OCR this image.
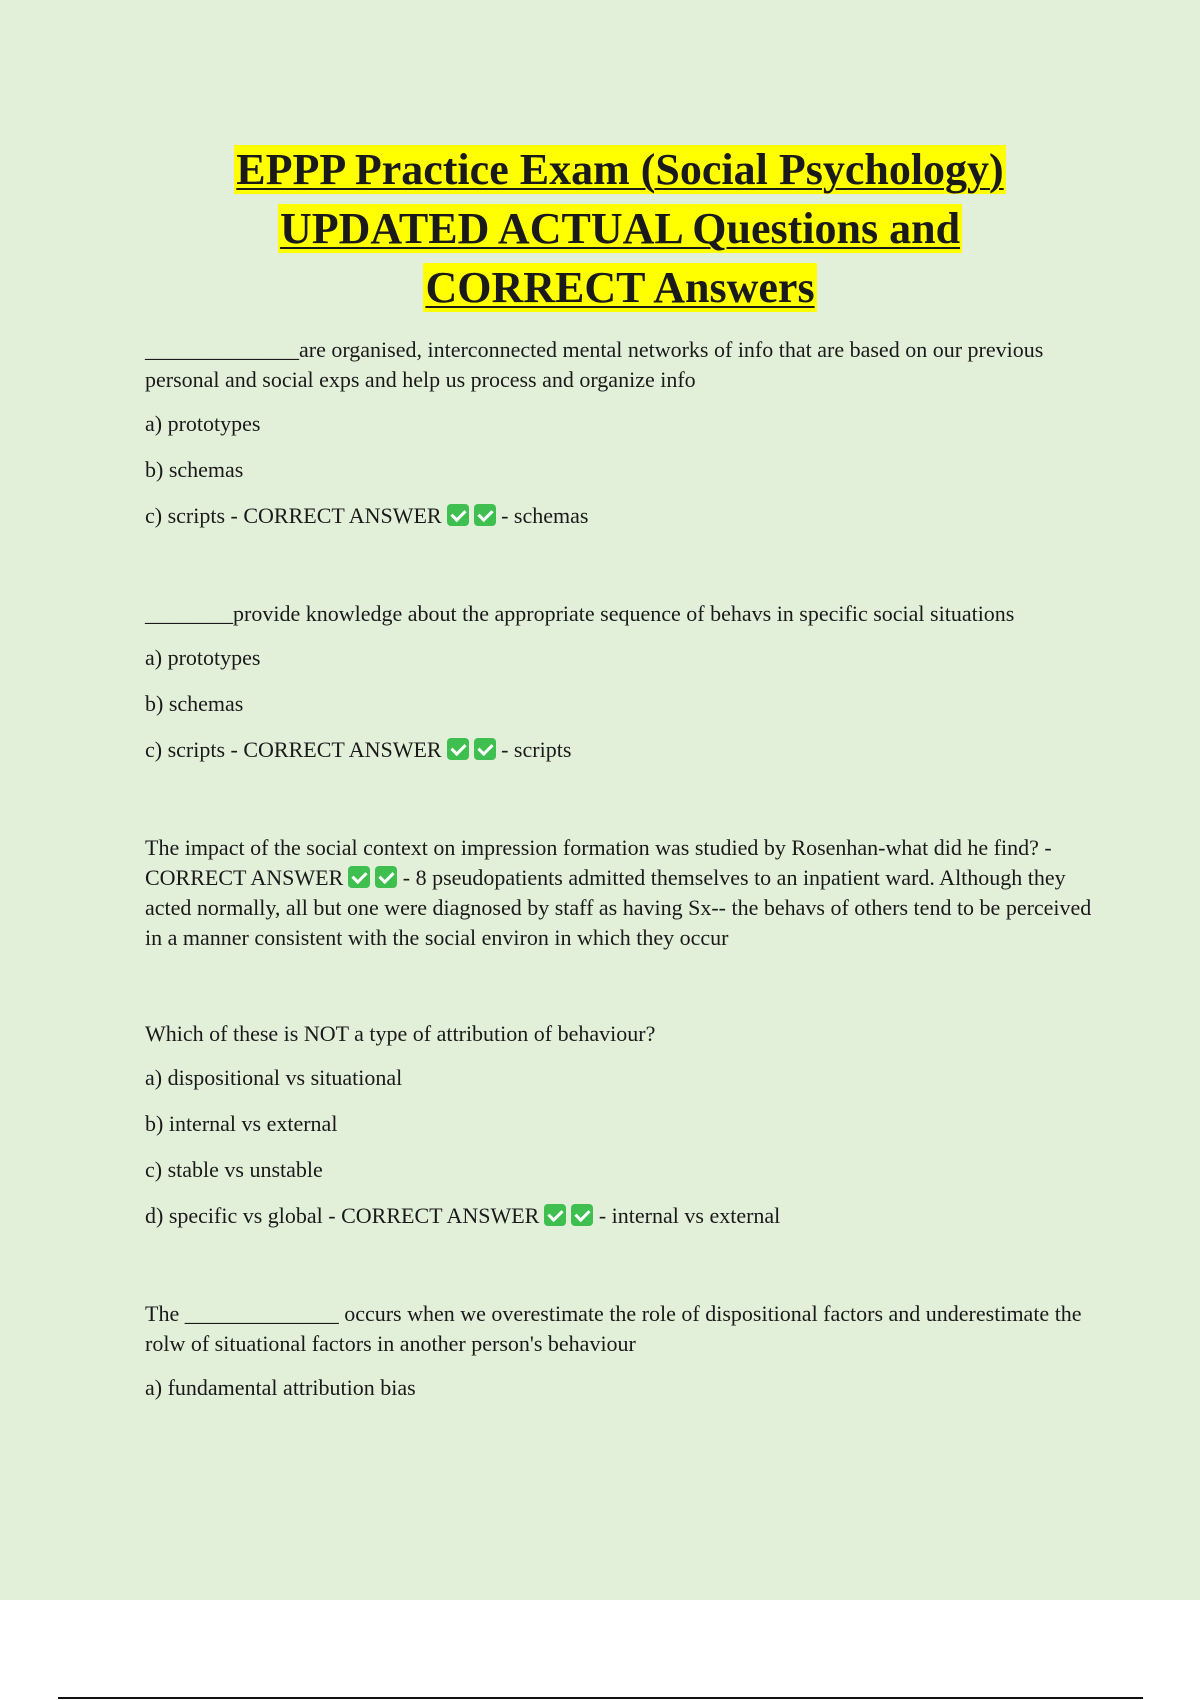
EPPP Practice Exam (Social Psychology)
UPDATED ACTUAL Questions and
CORRECT Answers

______________are organised, interconnected mental networks of info that are based on our previous personal and social exps and help us process and organize info

a) prototypes

b) schemas

c) scripts - CORRECT ANSWER	- schemas

________provide knowledge about the appropriate sequence of behavs in specific social situations

a) prototypes

b) schemas

c) scripts - CORRECT ANSWER	- scripts

The impact of the social context on impression formation was studied by Rosenhan-what did he find? - CORRECT ANSWER	- 8 pseudopatients admitted themselves to an inpatient ward. Although they acted normally, all but one were diagnosed by staff as having Sx-- the behavs of others tend to be perceived in a manner consistent with the social environ in which they occur

Which of these is NOT a type of attribution of behaviour?

a) dispositional vs situational

b) internal vs external

c) stable vs unstable

d) specific vs global - CORRECT ANSWER	- internal vs external

The ______________ occurs when we overestimate the role of dispositional factors and underestimate the rolw of situational factors in another person's behaviour

a) fundamental attribution bias
